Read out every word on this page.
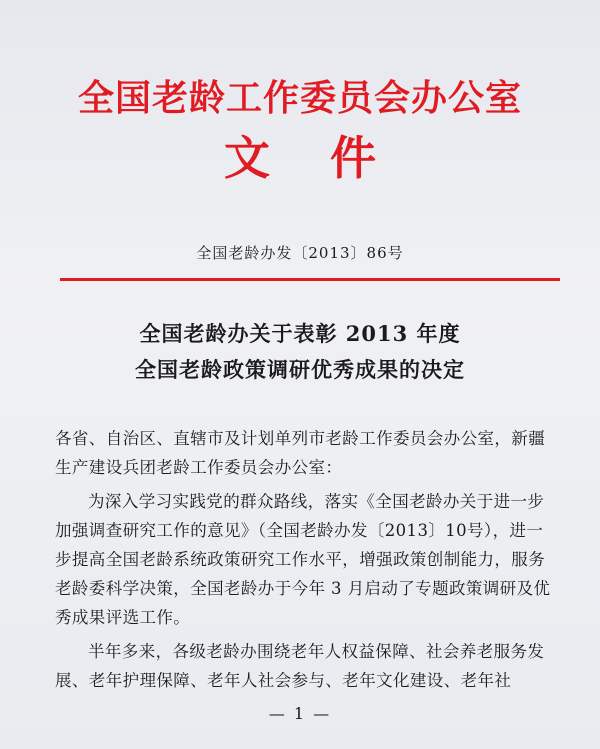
全国老龄工作委员会办公室
文件
全国老龄办发〔2013〕86号
全国老龄办关于表彰 2013 年度
全国老龄政策调研优秀成果的决定

各省、自治区、直辖市及计划单列市老龄工作委员会办公室，新疆生产建设兵团老龄工作委员会办公室：

为深入学习实践党的群众路线，落实《全国老龄办关于进一步加强调查研究工作的意见》（全国老龄办发〔2013〕10号），进一步提高全国老龄系统政策研究工作水平，增强政策创制能力，服务老龄委科学决策，全国老龄办于今年 3 月启动了专题政策调研及优秀成果评选工作。

半年多来，各级老龄办围绕老年人权益保障、社会养老服务发展、老年护理保障、老年人社会参与、老年文化建设、老年社

— 1 —
